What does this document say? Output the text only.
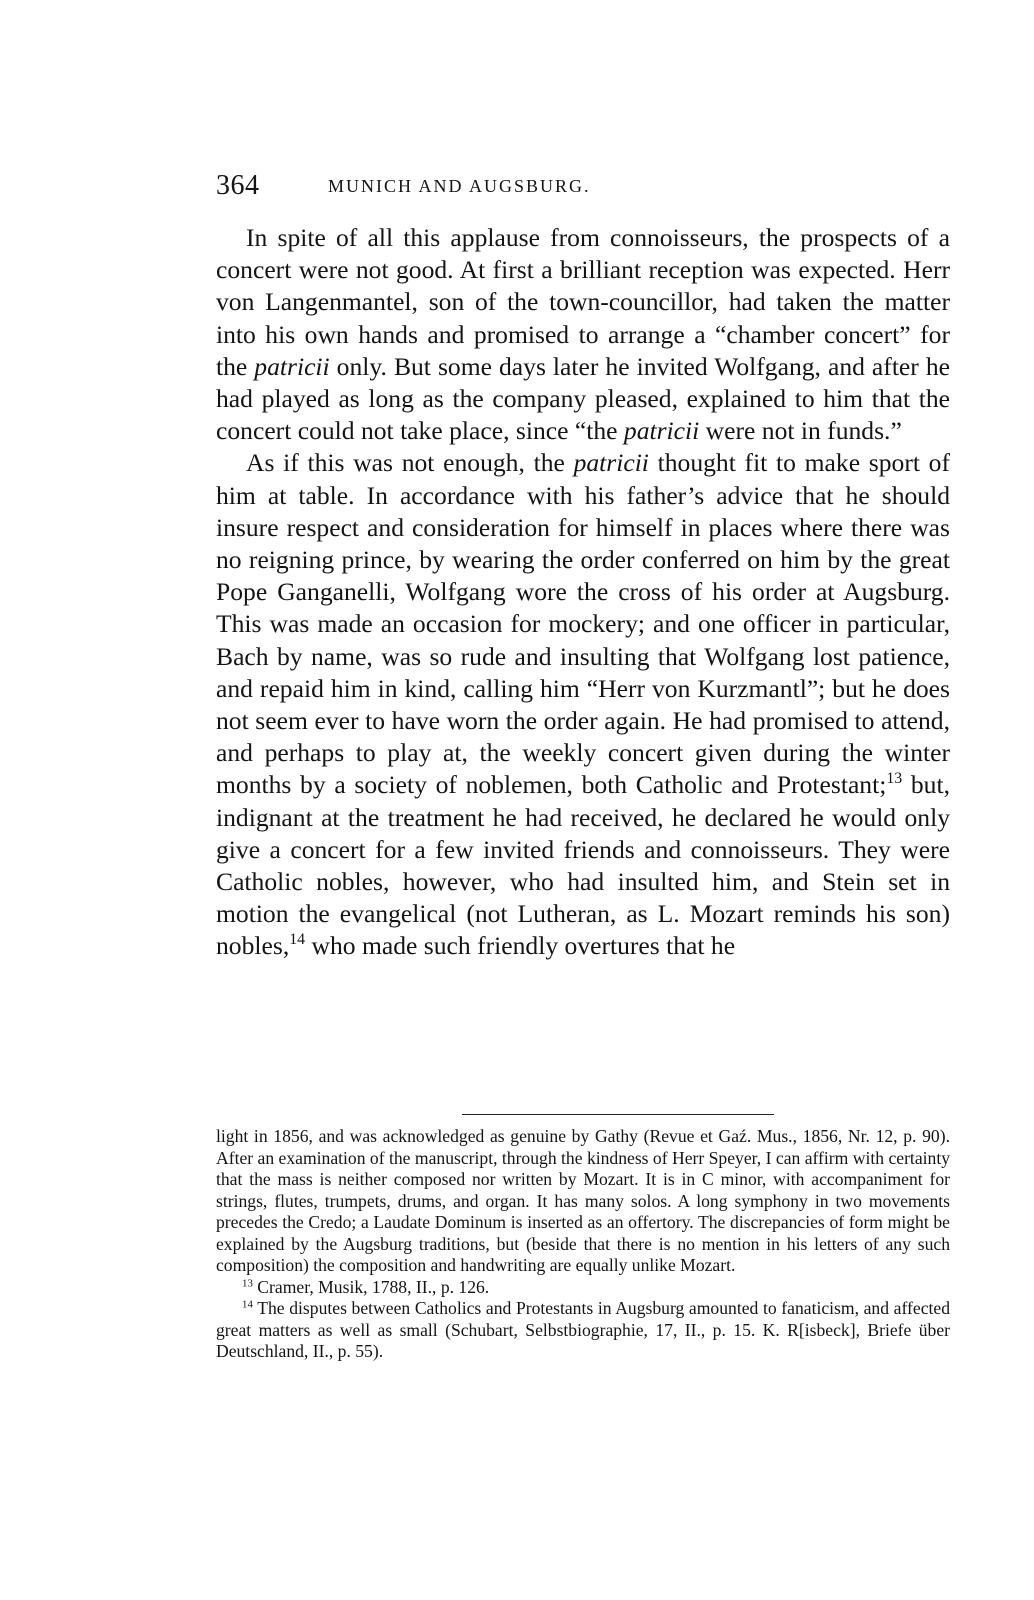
364	MUNICH AND AUGSBURG.

In spite of all this applause from connoisseurs, the prospects of a concert were not good. At first a brilliant reception was expected. Herr von Langenmantel, son of the town-councillor, had taken the matter into his own hands and promised to arrange a “chamber concert” for the patricii only. But some days later he invited Wolfgang, and after he had played as long as the company pleased, explained to him that the concert could not take place, since “the patricii were not in funds.”

As if this was not enough, the patricii thought fit to make sport of him at table. In accordance with his father’s advice that he should insure respect and consideration for himself in places where there was no reigning prince, by wearing the order conferred on him by the great Pope Ganganelli, Wolfgang wore the cross of his order at Augsburg. This was made an occasion for mockery; and one officer in particular, Bach by name, was so rude and insulting that Wolfgang lost patience, and repaid him in kind, calling him “Herr von Kurzmantl”; but he does not seem ever to have worn the order again. He had promised to attend, and perhaps to play at, the weekly concert given during the winter months by a society of noblemen, both Catholic and Protestant;$^{13}$ but, indignant at the treatment he had received, he declared he would only give a concert for a few invited friends and connoisseurs. They were Catholic nobles, however, who had insulted him, and Stein set in motion the evangelical (not Lutheran, as L. Mozart reminds his son) nobles,$^{14}$ who made such friendly overtures that he

light in 1856, and was acknowledged as genuine by Gathy (Revue et Gaź. Mus., 1856, Nr. 12, p. 90). After an examination of the manuscript, through the kindness of Herr Speyer, I can affirm with certainty that the mass is neither composed nor written by Mozart. It is in C minor, with accompaniment for strings, flutes, trumpets, drums, and organ. It has many solos. A long symphony in two movements precedes the Credo; a Laudate Dominum is inserted as an offertory. The discrepancies of form might be explained by the Augsburg traditions, but (beside that there is no mention in his letters of any such composition) the composition and handwriting are equally unlike Mozart.

$^{13}$ Cramer, Musik, 1788, II., p. 126.

$^{14}$ The disputes between Catholics and Protestants in Augsburg amounted to fanaticism, and affected great matters as well as small (Schubart, Selbstbiographie, 17, II., p. 15. K. R[isbeck], Briefe über Deutschland, II., p. 55).
